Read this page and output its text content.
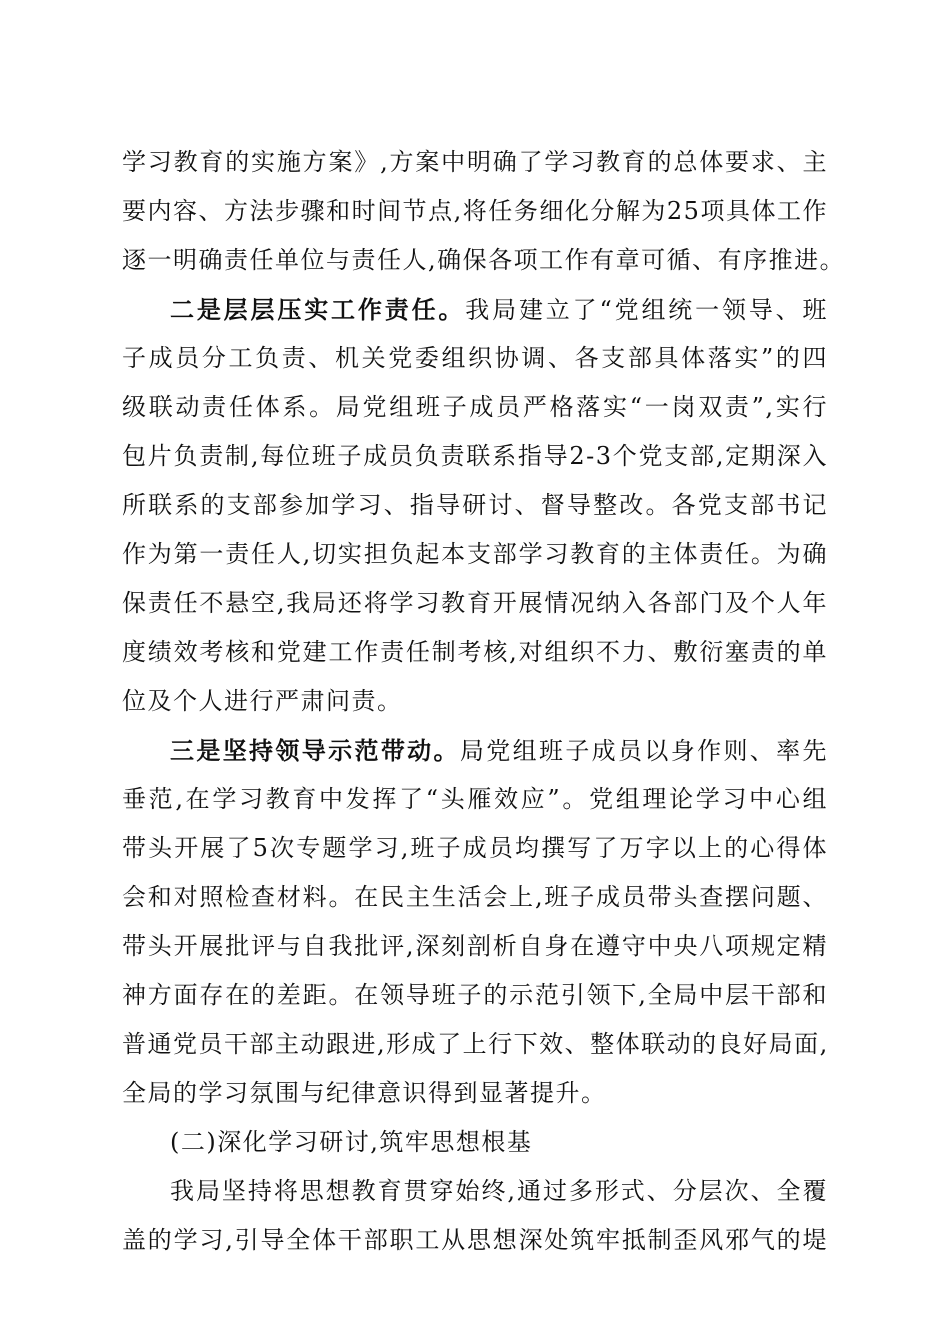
学习教育的实施方案》,方案中明确了学习教育的总体要求、主
要内容、方法步骤和时间节点,将任务细化分解为25项具体工作
逐一明确责任单位与责任人,确保各项工作有章可循、有序推进。
二是层层压实工作责任。我局建立了“党组统一领导、班
子成员分工负责、机关党委组织协调、各支部具体落实”的四
级联动责任体系。局党组班子成员严格落实“一岗双责”,实行
包片负责制,每位班子成员负责联系指导2-3个党支部,定期深入
所联系的支部参加学习、指导研讨、督导整改。各党支部书记
作为第一责任人,切实担负起本支部学习教育的主体责任。为确
保责任不悬空,我局还将学习教育开展情况纳入各部门及个人年
度绩效考核和党建工作责任制考核,对组织不力、敷衍塞责的单
位及个人进行严肃问责。
三是坚持领导示范带动。局党组班子成员以身作则、率先
垂范,在学习教育中发挥了“头雁效应”。党组理论学习中心组
带头开展了5次专题学习,班子成员均撰写了万字以上的心得体
会和对照检查材料。在民主生活会上,班子成员带头查摆问题、
带头开展批评与自我批评,深刻剖析自身在遵守中央八项规定精
神方面存在的差距。在领导班子的示范引领下,全局中层干部和
普通党员干部主动跟进,形成了上行下效、整体联动的良好局面,
全局的学习氛围与纪律意识得到显著提升。
(二)深化学习研讨,筑牢思想根基
我局坚持将思想教育贯穿始终,通过多形式、分层次、全覆
盖的学习,引导全体干部职工从思想深处筑牢抵制歪风邪气的堤
